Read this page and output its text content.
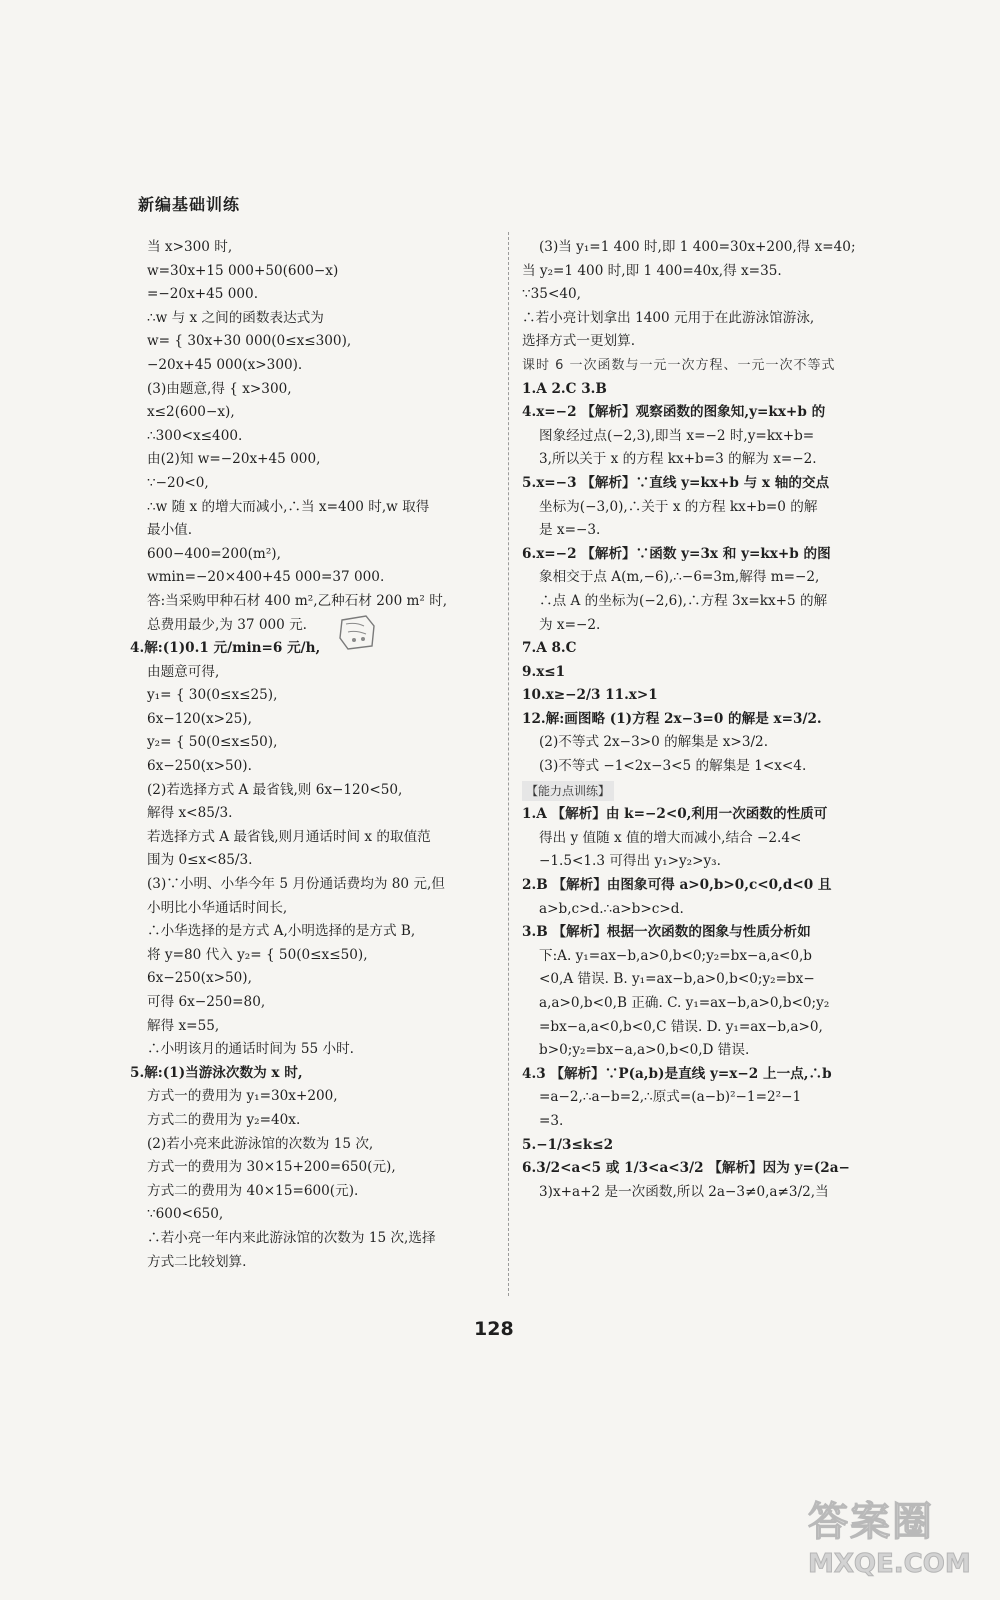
新编基础训练
当 x>300 时,
w=30x+15 000+50(600−x)
=−20x+45 000.
∴w 与 x 之间的函数表达式为
w= { 30x+30 000(0≤x≤300),
−20x+45 000(x>300).
(3)由题意,得 { x>300,
x≤2(600−x),
∴300<x≤400.
由(2)知 w=−20x+45 000,
∵−20<0,
∴w 随 x 的增大而减小,∴当 x=400 时,w 取得
最小值.
600−400=200(m²),
wmin=−20×400+45 000=37 000.
答:当采购甲种石材 400 m²,乙种石材 200 m² 时,
总费用最少,为 37 000 元.
4.解:(1)0.1 元/min=6 元/h,
由题意可得,
y₁= { 30(0≤x≤25),
6x−120(x>25),
y₂= { 50(0≤x≤50),
6x−250(x>50).
(2)若选择方式 A 最省钱,则 6x−120<50,
解得 x<85/3.
若选择方式 A 最省钱,则月通话时间 x 的取值范
围为 0≤x<85/3.
(3)∵小明、小华今年 5 月份通话费均为 80 元,但
小明比小华通话时间长,
∴小华选择的是方式 A,小明选择的是方式 B,
将 y=80 代入 y₂= { 50(0≤x≤50),
6x−250(x>50),
可得 6x−250=80,
解得 x=55,
∴小明该月的通话时间为 55 小时.
5.解:(1)当游泳次数为 x 时,
方式一的费用为 y₁=30x+200,
方式二的费用为 y₂=40x.
(2)若小亮来此游泳馆的次数为 15 次,
方式一的费用为 30×15+200=650(元),
方式二的费用为 40×15=600(元).
∵600<650,
∴若小亮一年内来此游泳馆的次数为 15 次,选择
方式二比较划算.
(3)当 y₁=1 400 时,即 1 400=30x+200,得 x=40;
当 y₂=1 400 时,即 1 400=40x,得 x=35.
∵35<40,
∴若小亮计划拿出 1400 元用于在此游泳馆游泳,
选择方式一更划算.
课时 6 一次函数与一元一次方程、一元一次不等式
1.A 2.C 3.B
4.x=−2 【解析】观察函数的图象知,y=kx+b 的
图象经过点(−2,3),即当 x=−2 时,y=kx+b=
3,所以关于 x 的方程 kx+b=3 的解为 x=−2.
5.x=−3 【解析】∵直线 y=kx+b 与 x 轴的交点
坐标为(−3,0),∴关于 x 的方程 kx+b=0 的解
是 x=−3.
6.x=−2 【解析】∵函数 y=3x 和 y=kx+b 的图
象相交于点 A(m,−6),∴−6=3m,解得 m=−2,
∴点 A 的坐标为(−2,6),∴方程 3x=kx+5 的解
为 x=−2.
7.A 8.C
9.x≤1
10.x≥−2/3 11.x>1
12.解:画图略 (1)方程 2x−3=0 的解是 x=3/2.
(2)不等式 2x−3>0 的解集是 x>3/2.
(3)不等式 −1<2x−3<5 的解集是 1<x<4.
【能力点训练】
1.A 【解析】由 k=−2<0,利用一次函数的性质可
得出 y 值随 x 值的增大而减小,结合 −2.4<
−1.5<1.3 可得出 y₁>y₂>y₃.
2.B 【解析】由图象可得 a>0,b>0,c<0,d<0 且
a>b,c>d.∴a>b>c>d.
3.B 【解析】根据一次函数的图象与性质分析如
下:A. y₁=ax−b,a>0,b<0;y₂=bx−a,a<0,b
<0,A 错误. B. y₁=ax−b,a>0,b<0;y₂=bx−
a,a>0,b<0,B 正确. C. y₁=ax−b,a>0,b<0;y₂
=bx−a,a<0,b<0,C 错误. D. y₁=ax−b,a>0,
b>0;y₂=bx−a,a>0,b<0,D 错误.
4.3 【解析】∵P(a,b)是直线 y=x−2 上一点,∴b
=a−2,∴a−b=2,∴原式=(a−b)²−1=2²−1
=3.
5.−1/3≤k≤2
6.3/2<a<5 或 1/3<a<3/2 【解析】因为 y=(2a−
3)x+a+2 是一次函数,所以 2a−3≠0,a≠3/2,当
128
答案圈
MXQE.COM
